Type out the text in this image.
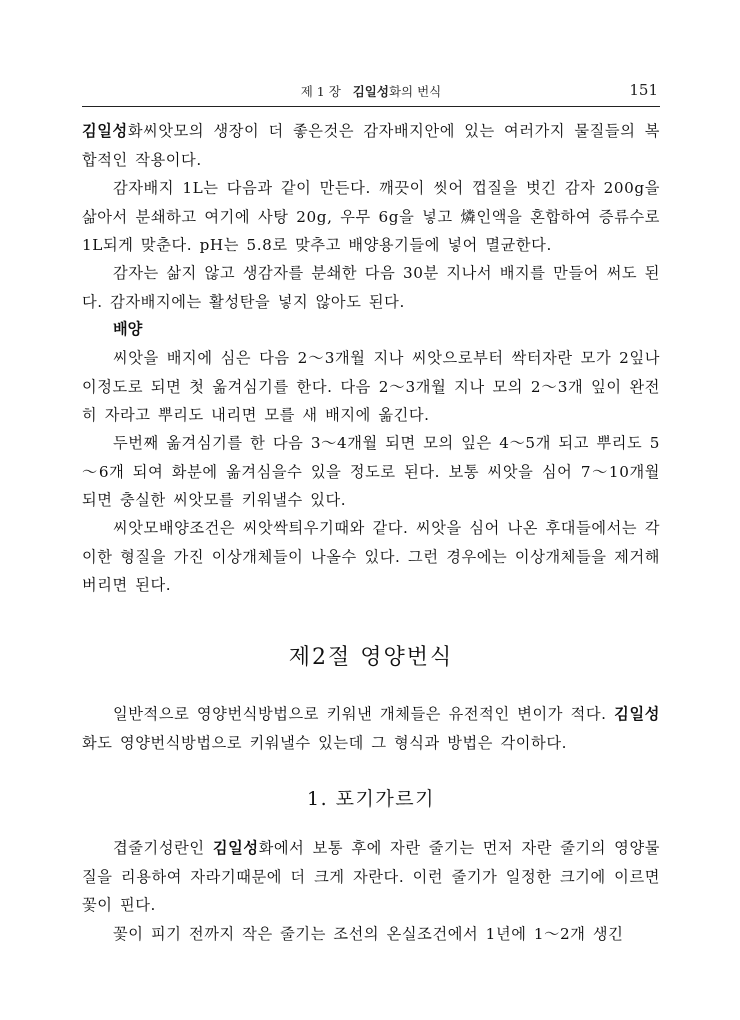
제 1 장 김일성화의 번식	151

김일성화씨앗모의 생장이 더 좋은것은 감자배지안에 있는 여러가지 물질들의 복합적인 작용이다.

감자배지 1L는 다음과 같이 만든다. 깨끗이 씻어 껍질을 벗긴 감자 200g을 삶아서 분쇄하고 여기에 사탕 20g, 우무 6g을 넣고 燐인액을 혼합하여 증류수로 1L되게 맞춘다. pH는 5.8로 맞추고 배양용기들에 넣어 멸균한다.

감자는 삶지 않고 생감자를 분쇄한 다음 30분 지나서 배지를 만들어 써도 된다. 감자배지에는 활성탄을 넣지 않아도 된다.

배양

씨앗을 배지에 심은 다음 2～3개월 지나 씨앗으로부터 싹터자란 모가 2잎나이정도로 되면 첫 옮겨심기를 한다. 다음 2～3개월 지나 모의 2～3개 잎이 완전히 자라고 뿌리도 내리면 모를 새 배지에 옮긴다.

두번째 옮겨심기를 한 다음 3～4개월 되면 모의 잎은 4～5개 되고 뿌리도 5～6개 되여 화분에 옮겨심을수 있을 정도로 된다. 보통 씨앗을 심어 7～10개월 되면 충실한 씨앗모를 키워낼수 있다.

씨앗모배양조건은 씨앗싹틔우기때와 같다. 씨앗을 심어 나온 후대들에서는 각이한 형질을 가진 이상개체들이 나올수 있다. 그런 경우에는 이상개체들을 제거해버리면 된다.

제2절 영양번식

일반적으로 영양번식방법으로 키워낸 개체들은 유전적인 변이가 적다. 김일성화도 영양번식방법으로 키워낼수 있는데 그 형식과 방법은 각이하다.

1. 포기가르기

겹줄기성란인 김일성화에서 보통 후에 자란 줄기는 먼저 자란 줄기의 영양물질을 리용하여 자라기때문에 더 크게 자란다. 이런 줄기가 일정한 크기에 이르면 꽃이 핀다.

꽃이 피기 전까지 작은 줄기는 조선의 온실조건에서 1년에 1～2개 생긴
